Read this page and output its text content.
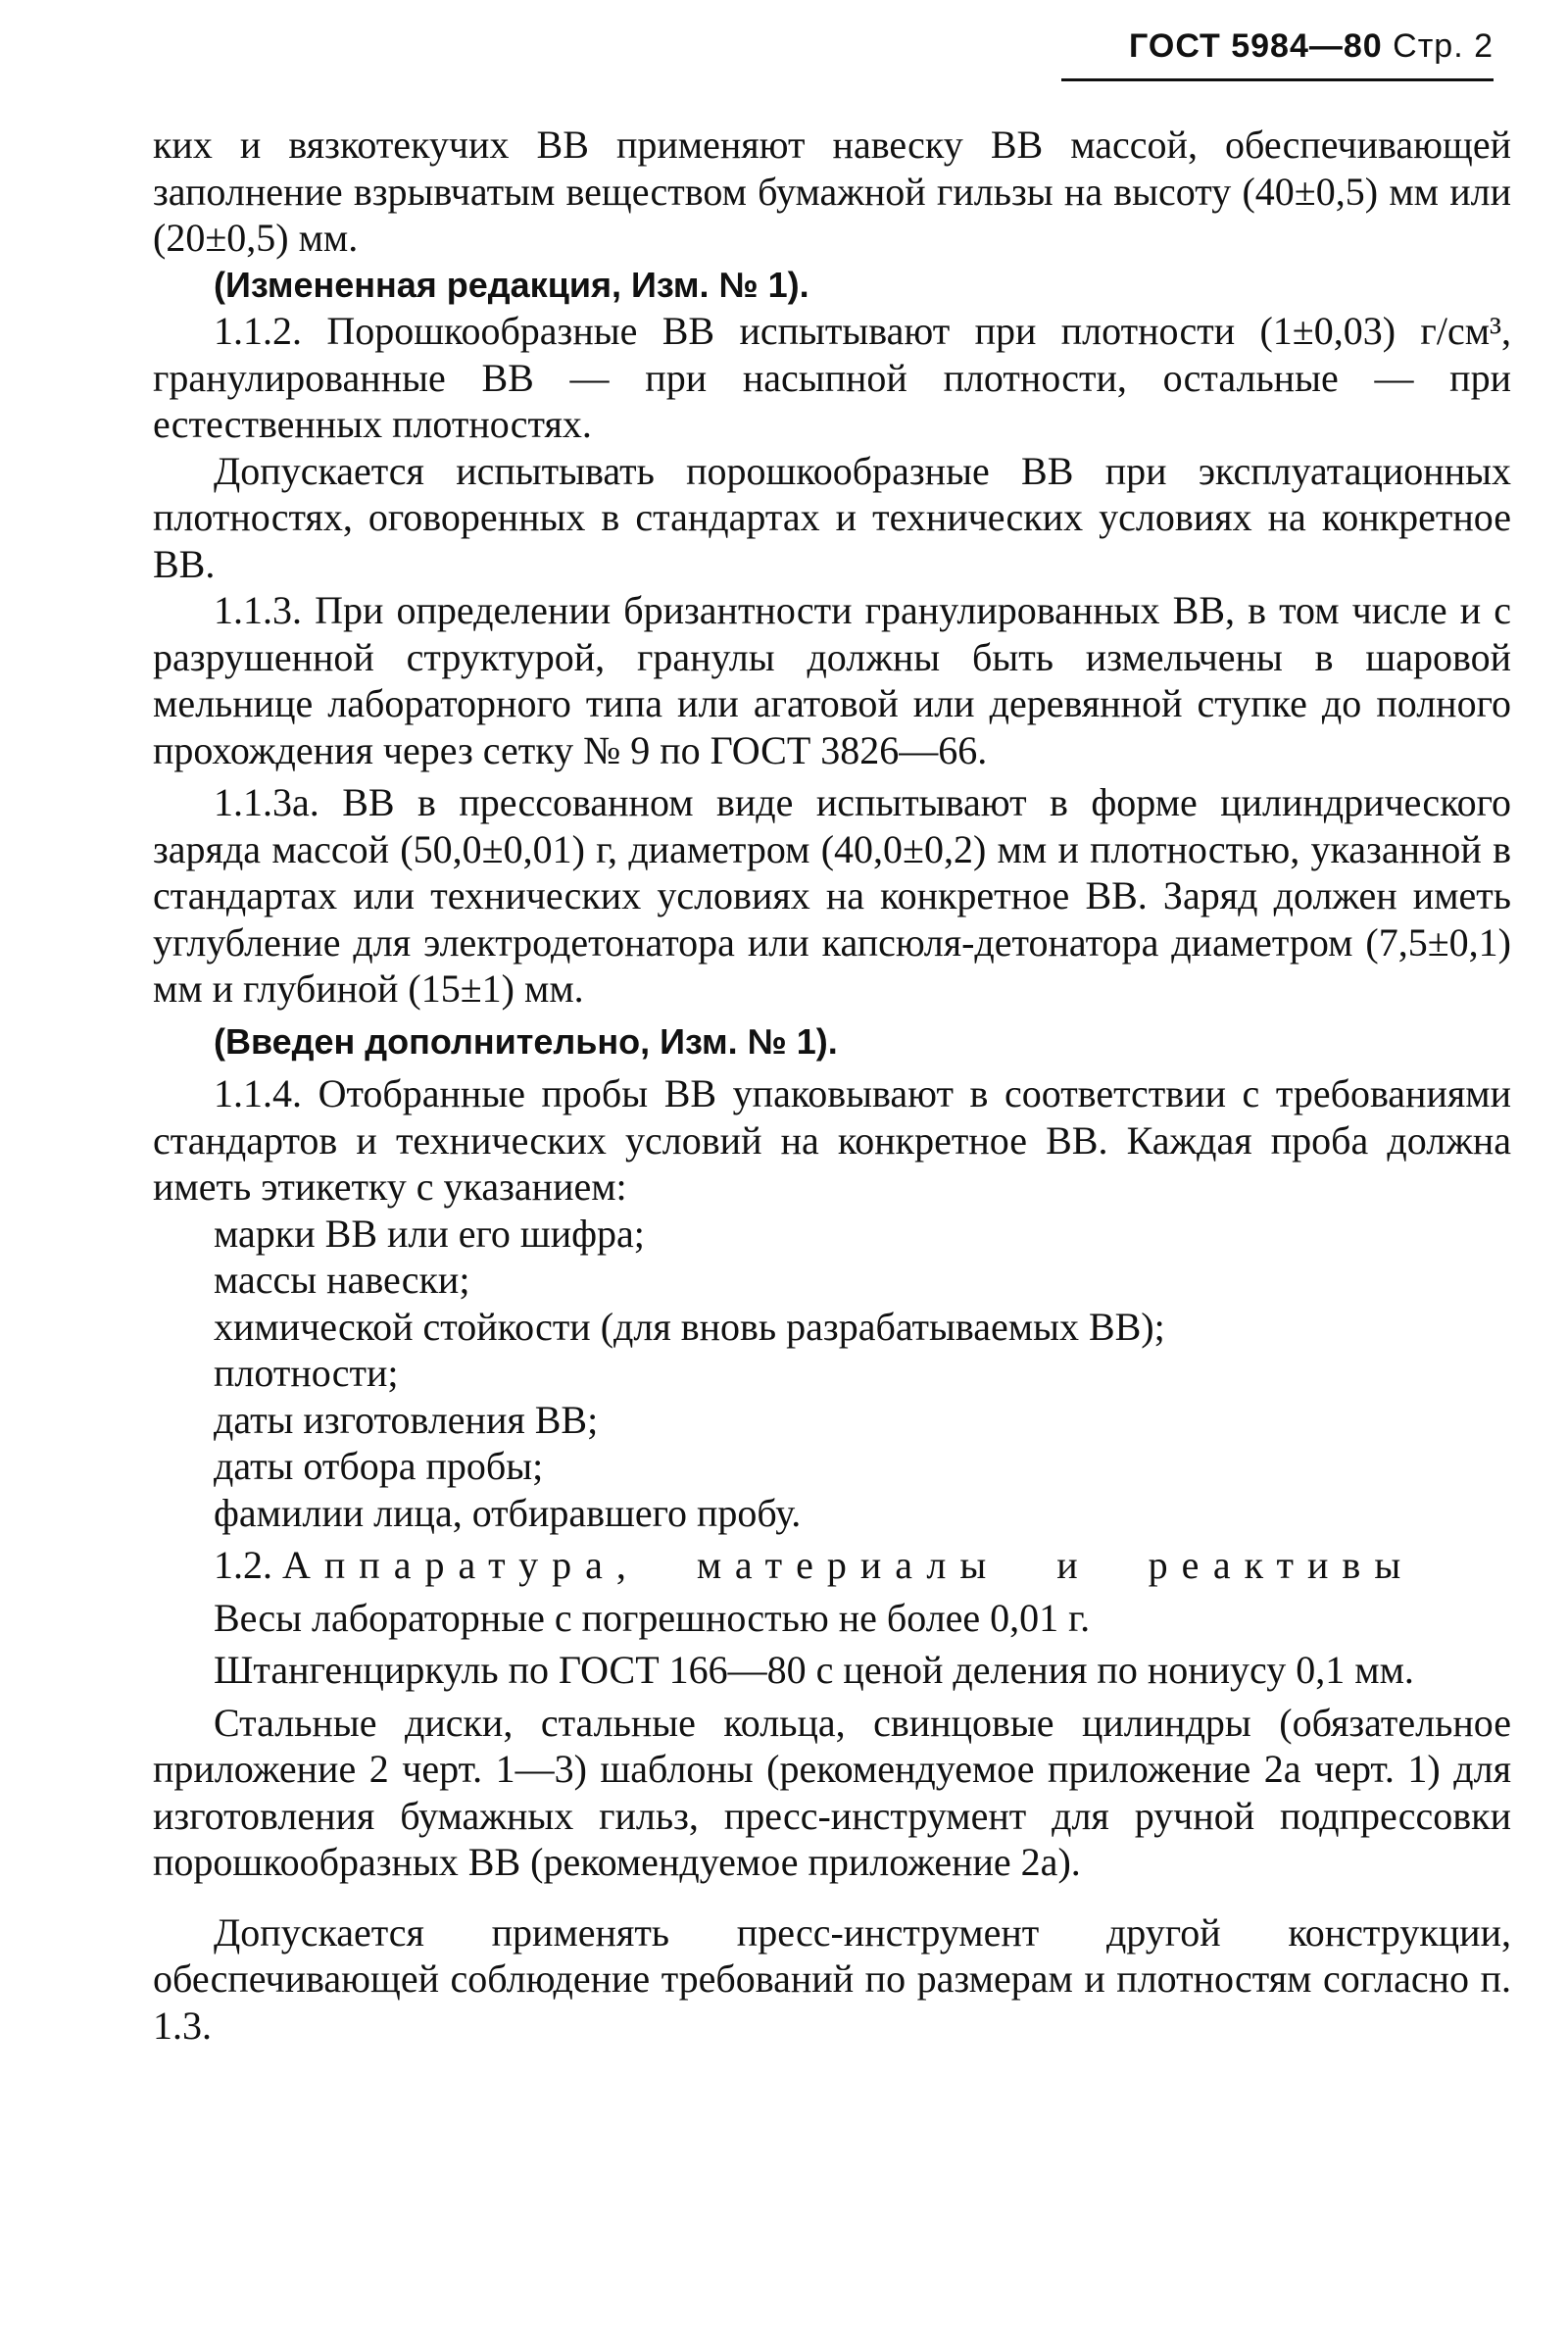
ГОСТ 5984—80 Стр. 2

ких и вязкотекучих ВВ применяют навеску ВВ массой, обеспечивающей заполнение взрывчатым веществом бумажной гильзы на высоту (40±0,5) мм или (20±0,5) мм.

(Измененная редакция, Изм. № 1).

1.1.2. Порошкообразные ВВ испытывают при плотности (1±0,03) г/см³, гранулированные ВВ — при насыпной плотности, остальные — при естественных плотностях.

Допускается испытывать порошкообразные ВВ при эксплуатационных плотностях, оговоренных в стандартах и технических условиях на конкретное ВВ.

1.1.3. При определении бризантности гранулированных ВВ, в том числе и с разрушенной структурой, гранулы должны быть измельчены в шаровой мельнице лабораторного типа или агатовой или деревянной ступке до полного прохождения через сетку № 9 по ГОСТ 3826—66.

1.1.3а. ВВ в прессованном виде испытывают в форме цилиндрического заряда массой (50,0±0,01) г, диаметром (40,0±0,2) мм и плотностью, указанной в стандартах или технических условиях на конкретное ВВ. Заряд должен иметь углубление для электродетонатора или капсюля-детонатора диаметром (7,5±0,1) мм и глубиной (15±1) мм.

(Введен дополнительно, Изм. № 1).

1.1.4. Отобранные пробы ВВ упаковывают в соответствии с требованиями стандартов и технических условий на конкретное ВВ. Каждая проба должна иметь этикетку с указанием:

марки ВВ или его шифра;

массы навески;

химической стойкости (для вновь разрабатываемых ВВ);

плотности;

даты изготовления ВВ;

даты отбора пробы;

фамилии лица, отбиравшего пробу.

1.2. Аппаратура, материалы и реактивы

Весы лабораторные с погрешностью не более 0,01 г.

Штангенциркуль по ГОСТ 166—80 с ценой деления по нониусу 0,1 мм.

Стальные диски, стальные кольца, свинцовые цилиндры (обязательное приложение 2 черт. 1—3) шаблоны (рекомендуемое приложение 2а черт. 1) для изготовления бумажных гильз, пресс-инструмент для ручной подпрессовки порошкообразных ВВ (рекомендуемое приложение 2а).

Допускается применять пресс-инструмент другой конструкции, обеспечивающей соблюдение требований по размерам и плотностям согласно п. 1.3.
